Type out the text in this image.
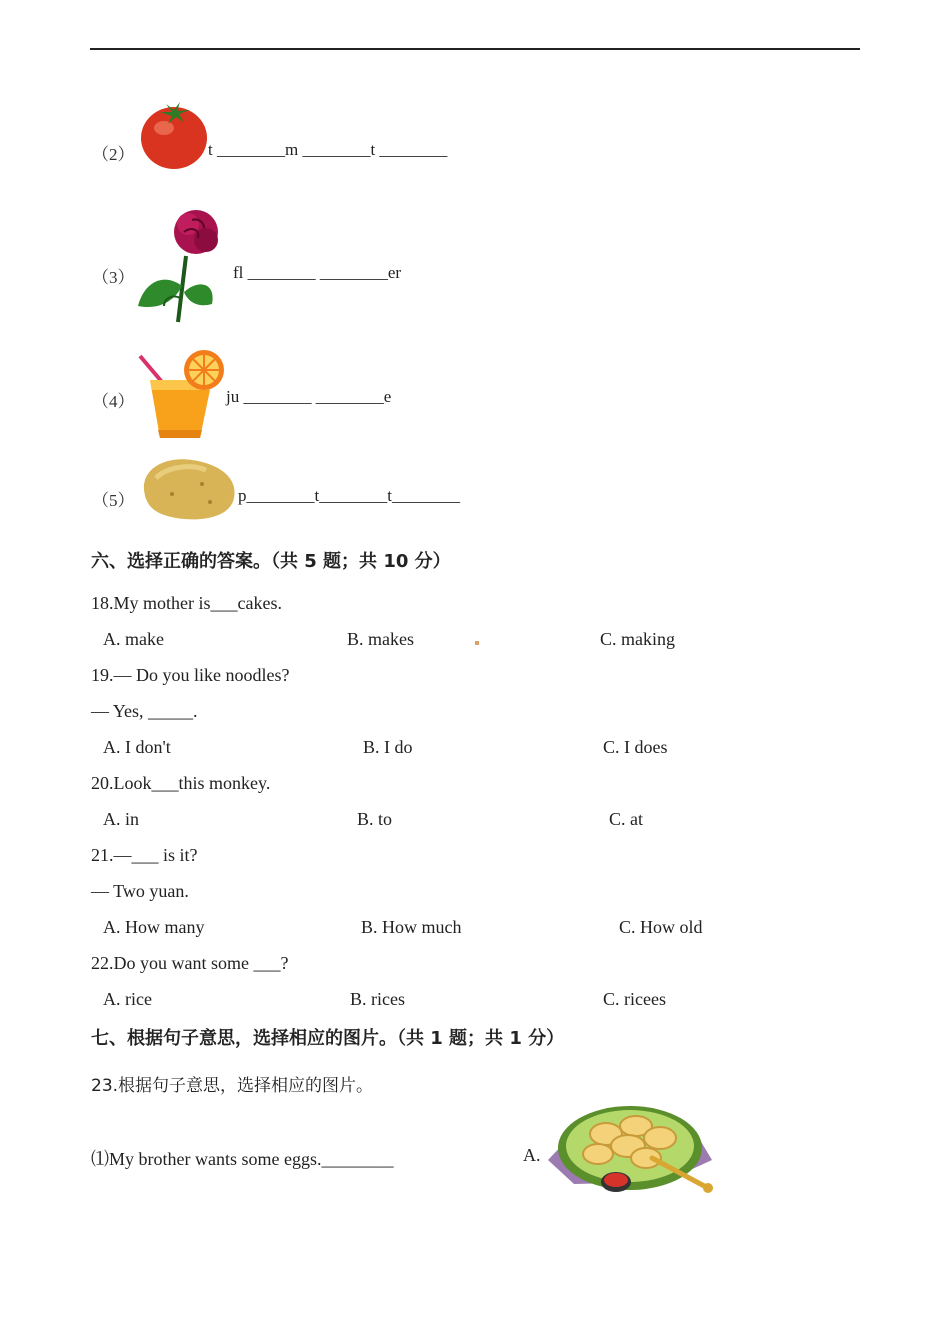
（2）	t ________m ________t ________
（3）	fl ________ ________er
（4）	ju ________ ________e
（5）	p________t________t________
六、选择正确的答案。（共 5 题；共 10 分）
18.My mother is___cakes.
A. make	B. makes	C. making
19.— Do you like noodles?
— Yes, _____.
A. I don't	B. I do	C. I does
20.Look___this monkey.
A. in	B. to	C. at
21.—___ is it?
— Two yuan.
A. How many	B. How much	C. How old
22.Do you want some ___?
A. rice	B. rices	C. ricees
七、根据句子意思，选择相应的图片。（共 1 题；共 1 分）
23.根据句子意思，选择相应的图片。
⑴My brother wants some eggs.________	A.
